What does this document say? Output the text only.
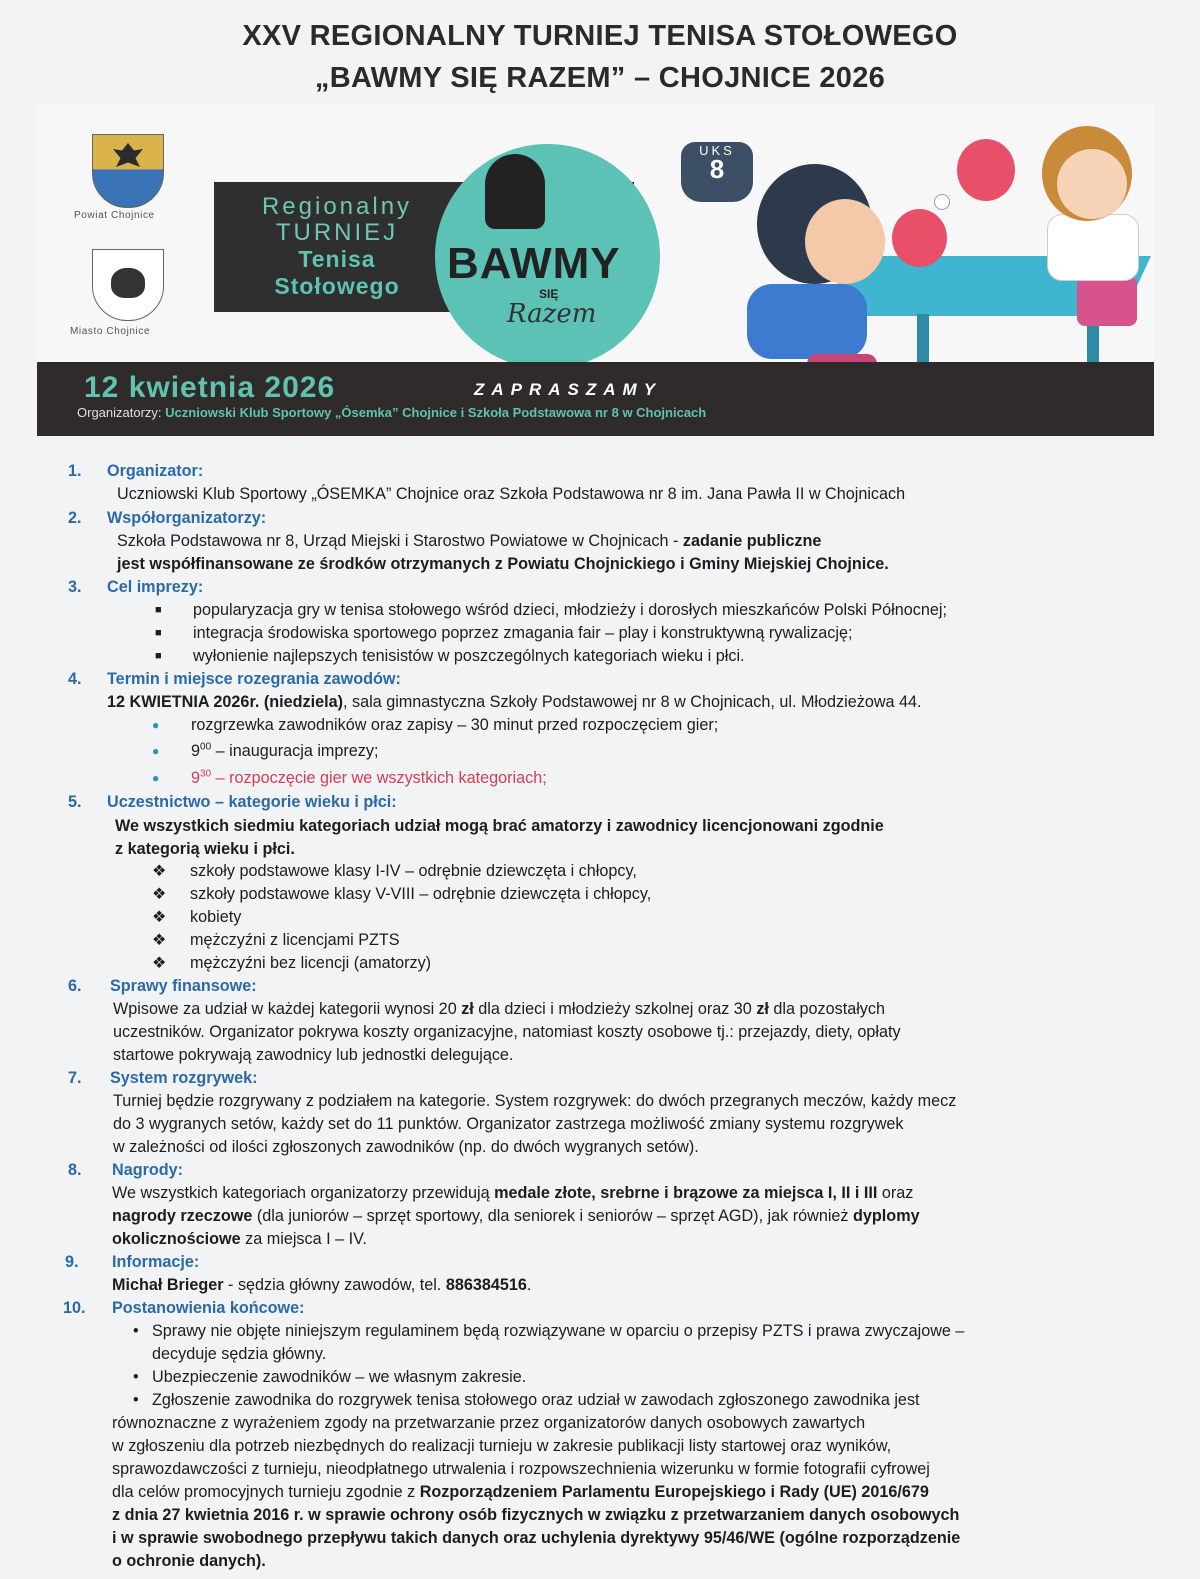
XXV REGIONALNY TURNIEJ TENISA STOŁOWEGO
„BAWMY SIĘ RAZEM” – CHOJNICE 2026
Powiat Chojnice
Miasto Chojnice
Regionalny
TURNIEJ
Tenisa
Stołowego	BAWMY
SIĘ
Razem
UKS
8
12 kwietnia 2026	ZAPRASZAMY
Organizatorzy: Uczniowski Klub Sportowy „Ósemka” Chojnice i Szkoła Podstawowa nr 8 w Chojnicach
1. Organizator:
Uczniowski Klub Sportowy „ÓSEMKA” Chojnice oraz Szkoła Podstawowa nr 8 im. Jana Pawła II w Chojnicach
2. Współorganizatorzy:
Szkoła Podstawowa nr 8, Urząd Miejski i Starostwo Powiatowe w Chojnicach - zadanie publiczne
jest współfinansowane ze środków otrzymanych z Powiatu Chojnickiego i Gminy Miejskiej Chojnice.
3. Cel imprezy:
■ popularyzacja gry w tenisa stołowego wśród dzieci, młodzieży i dorosłych mieszkańców Polski Północnej;
■ integracja środowiska sportowego poprzez zmagania fair – play i konstruktywną rywalizację;
■ wyłonienie najlepszych tenisistów w poszczególnych kategoriach wieku i płci.
4. Termin i miejsce rozegrania zawodów:
12 KWIETNIA 2026r. (niedziela), sala gimnastyczna Szkoły Podstawowej nr 8 w Chojnicach, ul. Młodzieżowa 44.
● rozgrzewka zawodników oraz zapisy – 30 minut przed rozpoczęciem gier;
● $9^{00}$ – inauguracja imprezy;
● $9^{30}$ – rozpoczęcie gier we wszystkich kategoriach;
5. Uczestnictwo – kategorie wieku i płci:
We wszystkich siedmiu kategoriach udział mogą brać amatorzy i zawodnicy licencjonowani zgodnie
z kategorią wieku i płci.
❖ szkoły podstawowe klasy I-IV – odrębnie dziewczęta i chłopcy,
❖ szkoły podstawowe klasy V-VIII – odrębnie dziewczęta i chłopcy,
❖ kobiety
❖ mężczyźni z licencjami PZTS
❖ mężczyźni bez licencji (amatorzy)
6. Sprawy finansowe:
Wpisowe za udział w każdej kategorii wynosi 20 zł dla dzieci i młodzieży szkolnej oraz 30 zł dla pozostałych
uczestników. Organizator pokrywa koszty organizacyjne, natomiast koszty osobowe tj.: przejazdy, diety, opłaty
startowe pokrywają zawodnicy lub jednostki delegujące.
7. System rozgrywek:
Turniej będzie rozgrywany z podziałem na kategorie. System rozgrywek: do dwóch przegranych meczów, każdy mecz
do 3 wygranych setów, każdy set do 11 punktów. Organizator zastrzega możliwość zmiany systemu rozgrywek
w zależności od ilości zgłoszonych zawodników (np. do dwóch wygranych setów).
8. Nagrody:
We wszystkich kategoriach organizatorzy przewidują medale złote, srebrne i brązowe za miejsca I, II i III oraz
nagrody rzeczowe (dla juniorów – sprzęt sportowy, dla seniorek i seniorów – sprzęt AGD), jak również dyplomy
okolicznościowe za miejsca I – IV.
9. Informacje:
Michał Brieger - sędzia główny zawodów, tel. 886384516.
10. Postanowienia końcowe:
• Sprawy nie objęte niniejszym regulaminem będą rozwiązywane w oparciu o przepisy PZTS i prawa zwyczajowe –
decyduje sędzia główny.
• Ubezpieczenie zawodników – we własnym zakresie.
• Zgłoszenie zawodnika do rozgrywek tenisa stołowego oraz udział w zawodach zgłoszonego zawodnika jest
równoznaczne z wyrażeniem zgody na przetwarzanie przez organizatorów danych osobowych zawartych
w zgłoszeniu dla potrzeb niezbędnych do realizacji turnieju w zakresie publikacji listy startowej oraz wyników,
sprawozdawczości z turnieju, nieodpłatnego utrwalenia i rozpowszechnienia wizerunku w formie fotografii cyfrowej
dla celów promocyjnych turnieju zgodnie z Rozporządzeniem Parlamentu Europejskiego i Rady (UE) 2016/679
z dnia 27 kwietnia 2016 r. w sprawie ochrony osób fizycznych w związku z przetwarzaniem danych osobowych
i w sprawie swobodnego przepływu takich danych oraz uchylenia dyrektywy 95/46/WE (ogólne rozporządzenie
o ochronie danych).
